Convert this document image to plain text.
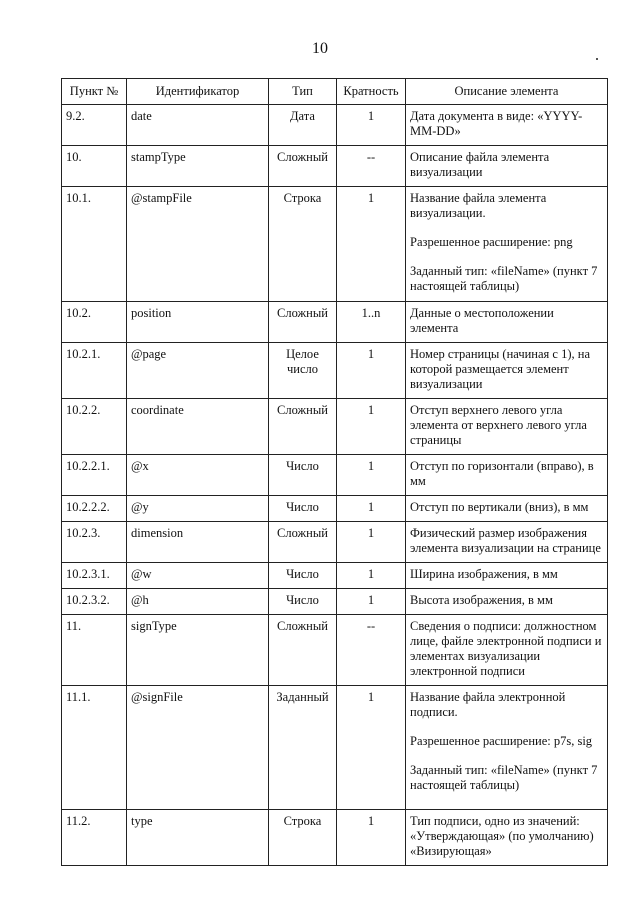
10
Пункт №	Идентификатор	Тип	Кратность	Описание элемента
9.2.	date	Дата	1	Дата документа в виде: «YYYY-MM-DD»

10.	stampType	Сложный	--	Описание файла элемента визуализации

10.1.	@stampFile	Строка	1	Название файла элемента визуализации.

Разрешенное расширение: png

Заданный тип: «fileName» (пункт 7 настоящей таблицы)

10.2.	position	Сложный	1..n	Данные о местоположении элемента

10.2.1.	@page	Целое число	1	Номер страницы (начиная с 1), на которой размещается элемент визуализации

10.2.2.	coordinate	Сложный	1	Отступ верхнего левого угла элемента от верхнего левого угла страницы

10.2.2.1.	@x	Число	1	Отступ по горизонтали (вправо), в мм

10.2.2.2.	@y	Число	1	Отступ по вертикали (вниз), в мм

10.2.3.	dimension	Сложный	1	Физический размер изображения элемента визуализации на странице

10.2.3.1.	@w	Число	1	Ширина изображения, в мм

10.2.3.2.	@h	Число	1	Высота изображения, в мм

11.	signType	Сложный	--	Сведения о подписи: должностном лице, файле электронной подписи и элементах визуализации электронной подписи

11.1.	@signFile	Заданный	1	Название файла электронной подписи.

Разрешенное расширение: p7s, sig

Заданный тип: «fileName» (пункт 7 настоящей таблицы)

11.2.	type	Строка	1	Тип подписи, одно из значений: «Утверждающая» (по умолчанию) «Визирующая»
